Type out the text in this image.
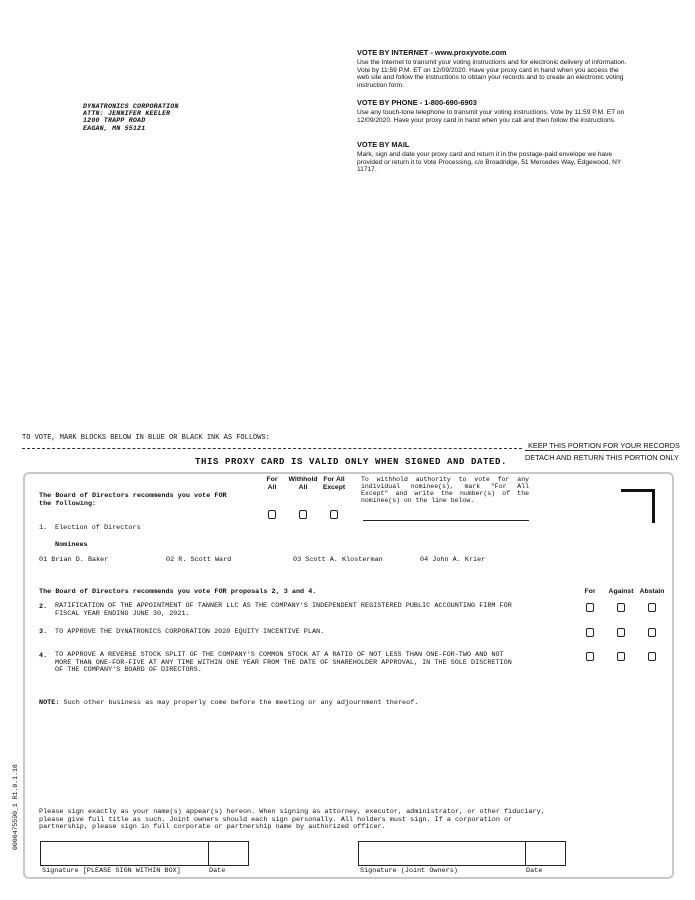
DYNATRONICS CORPORATION
ATTN: JENNIFER KEELER
1200 TRAPP ROAD
EAGAN, MN 55121
VOTE BY INTERNET - www.proxyvote.com

Use the Internet to transmit your voting instructions and for electronic delivery of information. Vote by 11:59 P.M. ET on 12/09/2020. Have your proxy card in hand when you access the web site and follow the instructions to obtain your records and to create an electronic voting instruction form.

VOTE BY PHONE - 1-800-690-6903

Use any touch-tone telephone to transmit your voting instructions. Vote by 11:59 P.M. ET on 12/09/2020. Have your proxy card in hand when you call and then follow the instructions.

VOTE BY MAIL

Mark, sign and date your proxy card and return it in the postage-paid envelope we have provided or return it to Vote Processing, c/o Broadridge, 51 Mercedes Way, Edgewood, NY 11717.

TO VOTE, MARK BLOCKS BELOW IN BLUE OR BLACK INK AS FOLLOWS:
KEEP THIS PORTION FOR YOUR RECORDS
DETACH AND RETURN THIS PORTION ONLY
THIS PROXY CARD IS VALID ONLY WHEN SIGNED AND DATED.
The Board of Directors recommends you vote FOR the following:
For All
Withhold All
For All Except
To withhold authority to vote for any individual nominee(s), mark "For All Except" and write the number(s) of the nominee(s) on the line below.
1. Election of Directors
Nominees
01 Brian D. Baker	02 R. Scott Ward	03 Scott A. Klosterman	04 John A. Krier
The Board of Directors recommends you vote FOR proposals 2, 3 and 4.	For Against Abstain
2. RATIFICATION OF THE APPOINTMENT OF TANNER LLC AS THE COMPANY'S INDEPENDENT REGISTERED PUBLIC ACCOUNTING FIRM FOR FISCAL YEAR ENDING JUNE 30, 2021.
3. TO APPROVE THE DYNATRONICS CORPORATION 2020 EQUITY INCENTIVE PLAN.
4. TO APPROVE A REVERSE STOCK SPLIT OF THE COMPANY'S COMMON STOCK AT A RATIO OF NOT LESS THAN ONE-FOR-TWO AND NOT MORE THAN ONE-FOR-FIVE AT ANY TIME WITHIN ONE YEAR FROM THE DATE OF SHAREHOLDER APPROVAL, IN THE SOLE DISCRETION OF THE COMPANY'S BOARD OF DIRECTORS.
NOTE: Such other business as may properly come before the meeting or any adjournment thereof.
0000475590_1 R1.0.1.18	Please sign exactly as your name(s) appear(s) hereon. When signing as attorney, executor, administrator, or other fiduciary, please give full title as such. Joint owners should each sign personally. All holders must sign. If a corporation or partnership, please sign in full corporate or partnership name by authorized officer.
Signature [PLEASE SIGN WITHIN BOX]	Date	Signature (Joint Owners)	Date
